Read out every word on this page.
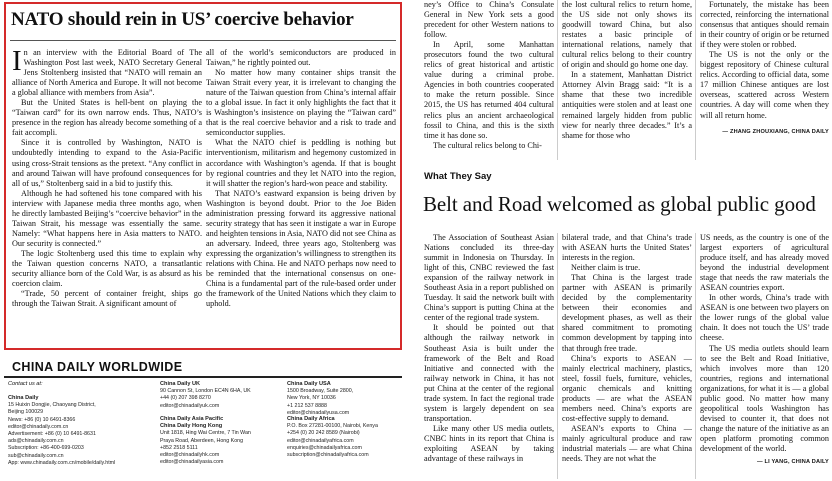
NATO should rein in US’ coercive behavior

In an interview with the Editorial Board of The Washington Post last week, NATO Secretary General Jens Stoltenberg insisted that “NATO will remain an alliance of North America and Europe. It will not become a global alliance with members from Asia”.

But the United States is hell-bent on playing the “Taiwan card” for its own narrow ends. Thus, NATO’s presence in the region has already become something of a fait accompli.

Since it is controlled by Washington, NATO is undoubtedly intending to expand to the Asia-Pacific using cross-Strait tensions as the pretext. “Any conflict in and around Taiwan will have profound consequences for all of us,” Stoltenberg said in a bid to justify this.

Although he had softened his tone compared with his interview with Japanese media three months ago, when he directly lambasted Beijing’s “coercive behavior” in the Taiwan Strait, his message was essentially the same. Namely: “What happens here in Asia matters to NATO. Our security is connected.”

The logic Stoltenberg used this time to explain why the Taiwan question concerns NATO, a transatlantic security alliance born of the Cold War, is as absurd as his coercion claim.

“Trade, 50 percent of container freight, ships go through the Taiwan Strait. A significant amount of

all of the world’s semiconductors are produced in Taiwan,” he rightly pointed out.

No matter how many container ships transit the Taiwan Strait every year, it is irrelevant to changing the nature of the Taiwan question from China’s internal affair to a global issue. In fact it only highlights the fact that it is Washington’s insistence on playing the “Taiwan card” that is the real coercive behavior and a risk to trade and semiconductor supplies.

What the NATO chief is peddling is nothing but interventionism, militarism and hegemony customized in accordance with Washington’s agenda. If that is bought by regional countries and they let NATO into the region, it will shatter the region’s hard-won peace and stability.

That NATO’s eastward expansion is being driven by Washington is beyond doubt. Prior to the Joe Biden administration pressing forward its aggressive national security strategy that has seen it instigate a war in Europe and heighten tensions in Asia, NATO did not see China as an adversary. Indeed, three years ago, Stoltenberg was expressing the organization’s willingness to strengthen its relations with China. He and NATO perhaps now need to be reminded that the international consensus on one-China is a fundamental part of the rule-based order under the framework of the United Nations which they claim to uphold.

CHINA DAILY WORLDWIDE
Contact us at:
China Daily
15 Huixin Dongjie, Chaoyang District,
Beijing 100029
News: +86 (0) 10 6491-8366
editor@chinadaily.com.cn
Advertisement: +86 (0) 10 6491-8631
ads@chinadaily.com.cn
Subscription: +86-400-699-0203
sub@chinadaily.com.cn
App: www.chinadaily.com.cn/mobile/daily.html
China Daily UK
90 Cannon St, London EC4N 6HA, UK
+44 (0) 207 398 8270
editor@chinadailyuk.com
China Daily Asia Pacific
China Daily Hong Kong
Unit 1818, Hing Wai Centre, 7 Tin Wan
Praya Road, Aberdeen, Hong Kong
+852 2518 5111
editor@chinadailyhk.com
editor@chinadailyasia.com
China Daily USA
1500 Broadway, Suite 2800,
New York, NY 10036
+1 212 537 8888
editor@chinadailyusa.com
China Daily Africa
P.O. Box 27281-00100, Nairobi, Kenya
+254 (0) 20 242 8589 (Nairobi)
editor@chinadailyafrica.com
enquiries@chinadailyafrica.com
subscription@chinadailyafrica.com

ney’s Office to China’s Consulate General in New York sets a good precedent for other Western nations to follow.

In April, some Manhattan prosecutors found the two cultural relics of great historical and artistic value during a criminal probe. Agencies in both countries cooperated to make the return possible. Since 2015, the US has returned 404 cultural relics plus an ancient archaeological fossil to China, and this is the sixth time it has done so.

The cultural relics belong to Chi-

the lost cultural relics to return home, the US side not only shows its goodwill toward China, but also restates a basic principle of international relations, namely that cultural relics belong to their country of origin and should go home one day.

In a statement, Manhattan District Attorney Alvin Bragg said: “It is a shame that these two incredible antiquities were stolen and at least one remained largely hidden from public view for nearly three decades.” It’s a shame for those who

Fortunately, the mistake has been corrected, reinforcing the international consensus that antiques should remain in their country of origin or be returned if they were stolen or robbed.

The US is not the only or the biggest repository of Chinese cultural relics. According to official data, some 17 million Chinese antiques are lost overseas, scattered across Western countries. A day will come when they will all return home.

— ZHANG ZHOUXIANG, CHINA DAILY
What They Say
Belt and Road welcomed as global public good

The Association of Southeast Asian Nations concluded its three-day summit in Indonesia on Thursday. In light of this, CNBC reviewed the fast expansion of the railway network in Southeast Asia in a report published on Tuesday. It said the network built with China’s support is putting China at the center of the regional trade system.

It should be pointed out that although the railway network in Southeast Asia is built under the framework of the Belt and Road Initiative and connected with the railway network in China, it has not put China at the center of the regional trade system. In fact the regional trade system is largely dependent on sea transportation.

Like many other US media outlets, CNBC hints in its report that China is exploiting ASEAN by taking advantage of these railways in

bilateral trade, and that China’s trade with ASEAN hurts the United States’ interests in the region.

Neither claim is true.

That China is the largest trade partner with ASEAN is primarily decided by the complementarity between their economies and development phases, as well as their shared commitment to promoting common development by tapping into that through free trade.

China’s exports to ASEAN — mainly electrical machinery, plastics, steel, fossil fuels, furniture, vehicles, organic chemicals and knitting products — are what the ASEAN members need. China’s exports are cost-effective supply to demand.

ASEAN’s exports to China — mainly agricultural produce and raw industrial materials — are what China needs. They are not what the

US needs, as the country is one of the largest exporters of agricultural produce itself, and has already moved beyond the industrial development stage that needs the raw materials the ASEAN countries export.

In other words, China’s trade with ASEAN is one between two players on the lower rungs of the global value chain. It does not touch the US’ trade cheese.

The US media outlets should learn to see the Belt and Road Initiative, which involves more than 120 countries, regions and international organizations, for what it is — a global public good. No matter how many geopolitical tools Washington has devised to counter it, that does not change the nature of the initiative as an open platform promoting common development of the world.

— LI YANG, CHINA DAILY
